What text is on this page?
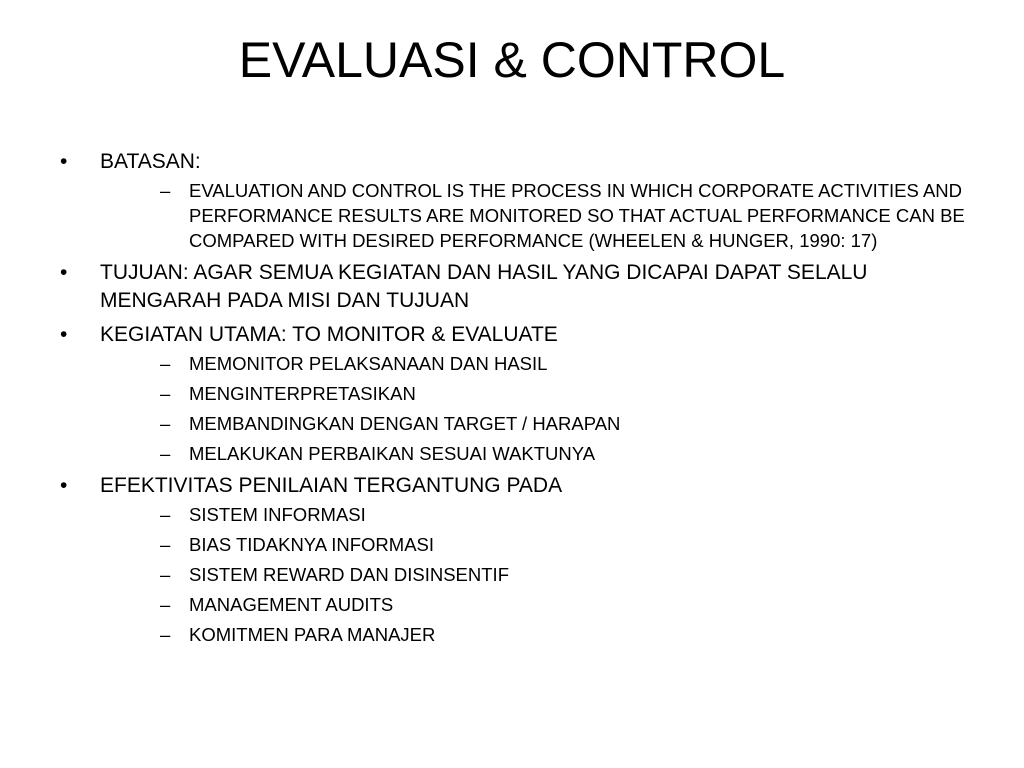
EVALUASI & CONTROL
• BATASAN:
– EVALUATION AND CONTROL IS THE PROCESS IN WHICH CORPORATE ACTIVITIES AND PERFORMANCE RESULTS ARE MONITORED SO THAT ACTUAL PERFORMANCE CAN BE COMPARED WITH DESIRED PERFORMANCE (WHEELEN & HUNGER, 1990: 17)
• TUJUAN: AGAR SEMUA KEGIATAN DAN HASIL YANG DICAPAI DAPAT SELALU MENGARAH PADA MISI DAN TUJUAN
• KEGIATAN UTAMA: TO MONITOR & EVALUATE
– MEMONITOR PELAKSANAAN DAN HASIL
– MENGINTERPRETASIKAN
– MEMBANDINGKAN DENGAN TARGET / HARAPAN
– MELAKUKAN PERBAIKAN SESUAI WAKTUNYA
• EFEKTIVITAS PENILAIAN TERGANTUNG PADA
– SISTEM INFORMASI
– BIAS TIDAKNYA INFORMASI
– SISTEM REWARD DAN DISINSENTIF
– MANAGEMENT AUDITS
– KOMITMEN PARA MANAJER
